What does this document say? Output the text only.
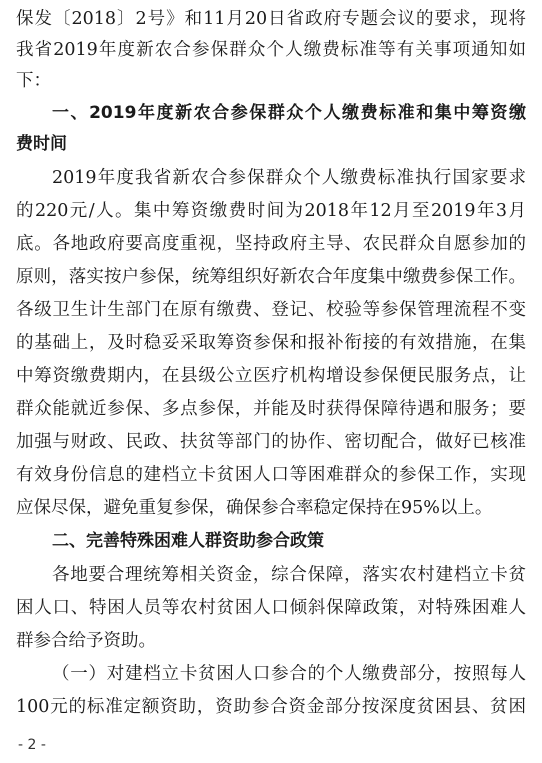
保发〔2018〕2号》和11月20日省政府专题会议的要求，现将
我省2019年度新农合参保群众个人缴费标准等有关事项通知如
下：
一、2019年度新农合参保群众个人缴费标准和集中筹资缴
费时间
2019年度我省新农合参保群众个人缴费标准执行国家要求
的220元/人。集中筹资缴费时间为2018年12月至2019年3月
底。各地政府要高度重视，坚持政府主导、农民群众自愿参加的
原则，落实按户参保，统筹组织好新农合年度集中缴费参保工作。
各级卫生计生部门在原有缴费、登记、校验等参保管理流程不变
的基础上，及时稳妥采取筹资参保和报补衔接的有效措施，在集
中筹资缴费期内，在县级公立医疗机构增设参保便民服务点，让
群众能就近参保、多点参保，并能及时获得保障待遇和服务；要
加强与财政、民政、扶贫等部门的协作、密切配合，做好已核准
有效身份信息的建档立卡贫困人口等困难群众的参保工作，实现
应保尽保，避免重复参保，确保参合率稳定保持在95%以上。
二、完善特殊困难人群资助参合政策
各地要合理统筹相关资金，综合保障，落实农村建档立卡贫
困人口、特困人员等农村贫困人口倾斜保障政策，对特殊困难人
群参合给予资助。
（一）对建档立卡贫困人口参合的个人缴费部分，按照每人
100元的标准定额资助，资助参合资金部分按深度贫困县、贫困
- 2 -
